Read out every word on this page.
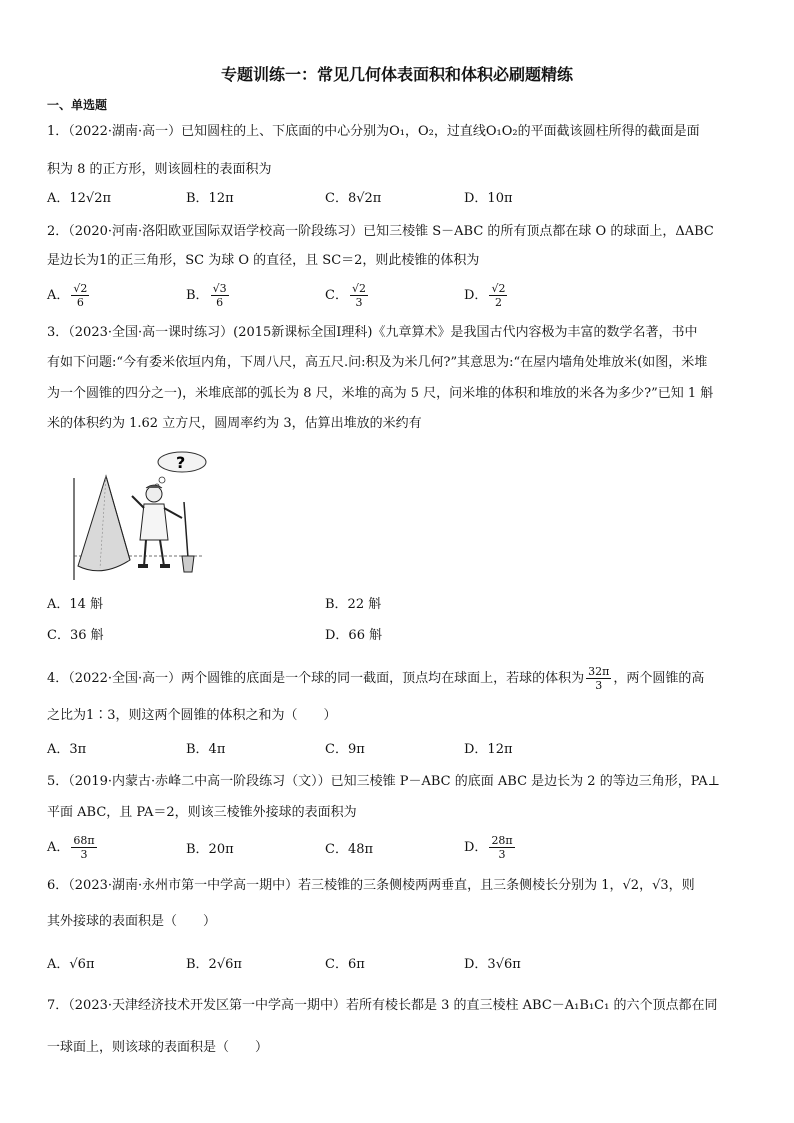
专题训练一：常见几何体表面积和体积必刷题精练
一、单选题
1．（2022·湖南·高一）已知圆柱的上、下底面的中心分别为O₁，O₂，过直线O₁O₂的平面截该圆柱所得的截面是面
积为 8 的正方形，则该圆柱的表面积为
A．12√2π	B．12π	C．8√2π	D．10π
2．（2020·河南·洛阳欧亚国际双语学校高一阶段练习）已知三棱锥 S－ABC 的所有顶点都在球 O 的球面上，ΔABC
是边长为1的正三角形，SC 为球 O 的直径，且 SC＝2，则此棱锥的体积为
A． $\frac{√2}{6}$	B． $\frac{√3}{6}$	C． $\frac{√2}{3}$	D． $\frac{√2}{2}$
3．（2023·全国·高一课时练习）(2015新课标全国I理科)《九章算术》是我国古代内容极为丰富的数学名著，书中
有如下问题:“今有委米依垣内角，下周八尺，高五尺.问:积及为米几何?”其意思为:“在屋内墙角处堆放米(如图，米堆
为一个圆锥的四分之一)，米堆底部的弧长为 8 尺，米堆的高为 5 尺，问米堆的体积和堆放的米各为多少?”已知 1 斛
米的体积约为 1.62 立方尺，圆周率约为 3，估算出堆放的米约有
?
A．14 斛	B．22 斛
C．36 斛	D．66 斛
4．（2022·全国·高一）两个圆锥的底面是一个球的同一截面，顶点均在球面上，若球的体积为 $\frac{32\pi}{3}$ ，两个圆锥的高
之比为1∶3，则这两个圆锥的体积之和为（　　）
A．3π	B．4π	C．9π	D．12π
5．（2019·内蒙古·赤峰二中高一阶段练习（文））已知三棱锥 P－ABC 的底面 ABC 是边长为 2 的等边三角形，PA⊥
平面 ABC，且 PA＝2，则该三棱锥外接球的表面积为
A． $\frac{68\pi}{3}$	B．20π	C．48π	D． $\frac{28\pi}{3}$
6．（2023·湖南·永州市第一中学高一期中）若三棱锥的三条侧棱两两垂直，且三条侧棱长分别为 1，√2，√3，则
其外接球的表面积是（　　）
A．√6π	B．2√6π	C．6π	D．3√6π
7．（2023·天津经济技术开发区第一中学高一期中）若所有棱长都是 3 的直三棱柱 ABC－A₁B₁C₁ 的六个顶点都在同
一球面上，则该球的表面积是（　　）
